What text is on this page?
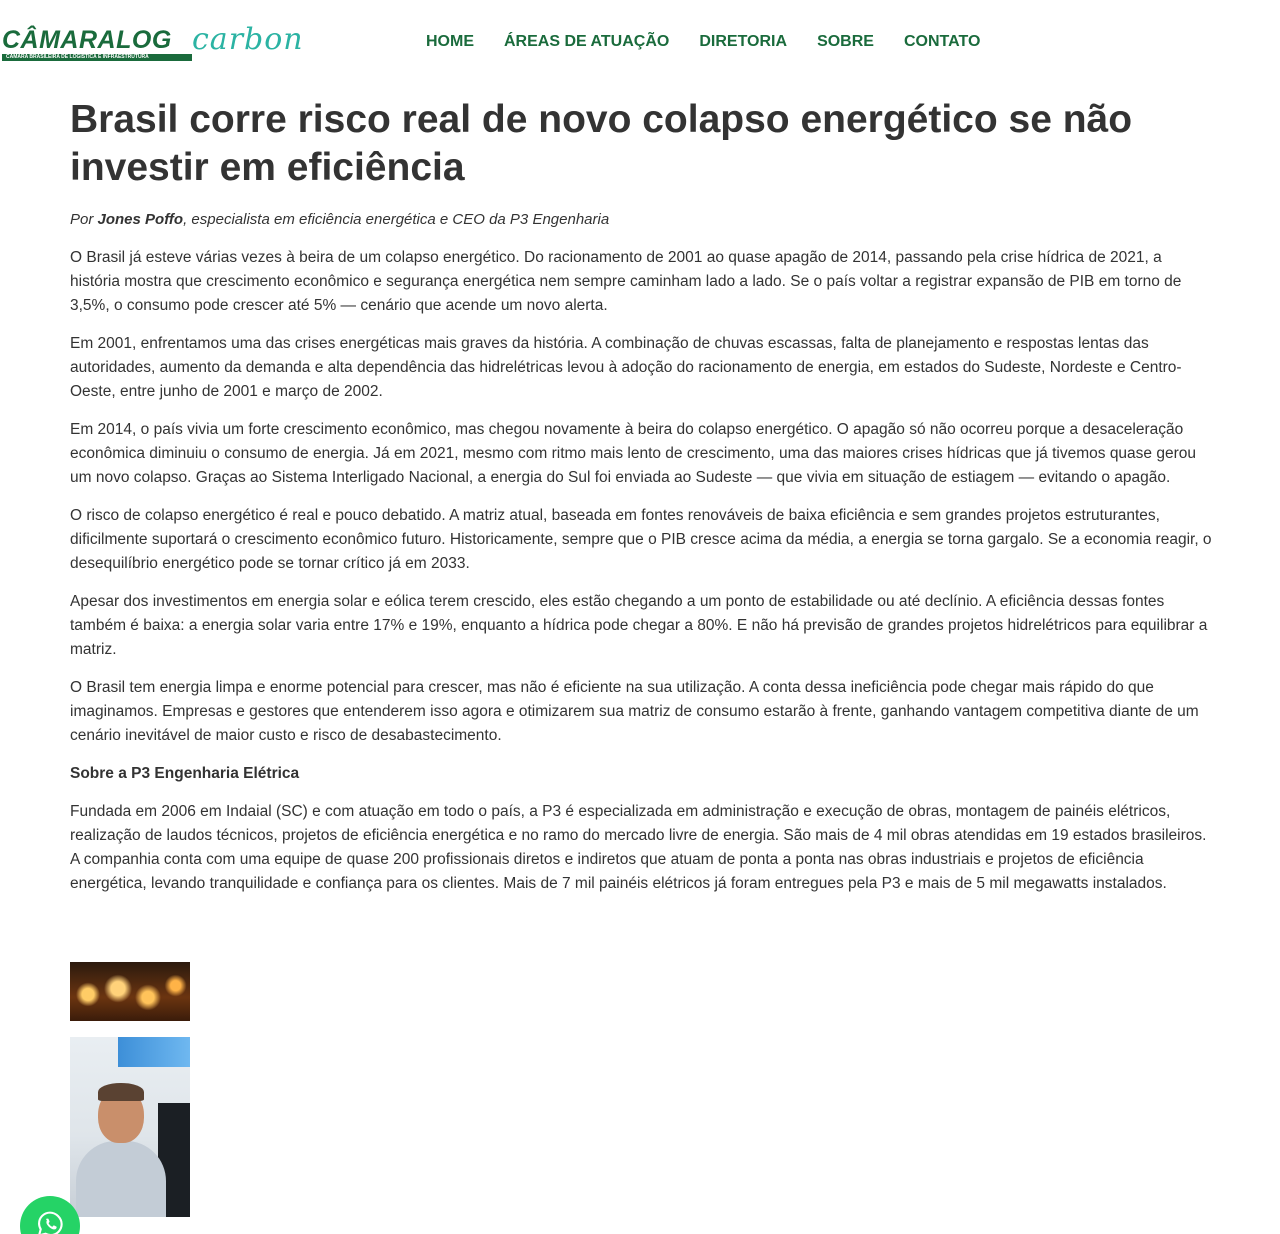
CÂMARALOG carbon
CÂMARA BRASILEIRA DE LOGÍSTICA E INFRAESTRUTURA
HOME ÁREAS DE ATUAÇÃO DIRETORIA SOBRE CONTATO
Brasil corre risco real de novo colapso energético se não investir em eficiência

Por Jones Poffo, especialista em eficiência energética e CEO da P3 Engenharia

O Brasil já esteve várias vezes à beira de um colapso energético. Do racionamento de 2001 ao quase apagão de 2014, passando pela crise hídrica de 2021, a história mostra que crescimento econômico e segurança energética nem sempre caminham lado a lado. Se o país voltar a registrar expansão de PIB em torno de 3,5%, o consumo pode crescer até 5% — cenário que acende um novo alerta.

Em 2001, enfrentamos uma das crises energéticas mais graves da história. A combinação de chuvas escassas, falta de planejamento e respostas lentas das autoridades, aumento da demanda e alta dependência das hidrelétricas levou à adoção do racionamento de energia, em estados do Sudeste, Nordeste e Centro-Oeste, entre junho de 2001 e março de 2002.

Em 2014, o país vivia um forte crescimento econômico, mas chegou novamente à beira do colapso energético. O apagão só não ocorreu porque a desaceleração econômica diminuiu o consumo de energia. Já em 2021, mesmo com ritmo mais lento de crescimento, uma das maiores crises hídricas que já tivemos quase gerou um novo colapso. Graças ao Sistema Interligado Nacional, a energia do Sul foi enviada ao Sudeste — que vivia em situação de estiagem — evitando o apagão.

O risco de colapso energético é real e pouco debatido. A matriz atual, baseada em fontes renováveis de baixa eficiência e sem grandes projetos estruturantes, dificilmente suportará o crescimento econômico futuro. Historicamente, sempre que o PIB cresce acima da média, a energia se torna gargalo. Se a economia reagir, o desequilíbrio energético pode se tornar crítico já em 2033.

Apesar dos investimentos em energia solar e eólica terem crescido, eles estão chegando a um ponto de estabilidade ou até declínio. A eficiência dessas fontes também é baixa: a energia solar varia entre 17% e 19%, enquanto a hídrica pode chegar a 80%. E não há previsão de grandes projetos hidrelétricos para equilibrar a matriz.

O Brasil tem energia limpa e enorme potencial para crescer, mas não é eficiente na sua utilização. A conta dessa ineficiência pode chegar mais rápido do que imaginamos. Empresas e gestores que entenderem isso agora e otimizarem sua matriz de consumo estarão à frente, ganhando vantagem competitiva diante de um cenário inevitável de maior custo e risco de desabastecimento.

Sobre a P3 Engenharia Elétrica

Fundada em 2006 em Indaial (SC) e com atuação em todo o país, a P3 é especializada em administração e execução de obras, montagem de painéis elétricos, realização de laudos técnicos, projetos de eficiência energética e no ramo do mercado livre de energia. São mais de 4 mil obras atendidas em 19 estados brasileiros. A companhia conta com uma equipe de quase 200 profissionais diretos e indiretos que atuam de ponta a ponta nas obras industriais e projetos de eficiência energética, levando tranquilidade e confiança para os clientes. Mais de 7 mil painéis elétricos já foram entregues pela P3 e mais de 5 mil megawatts instalados.
